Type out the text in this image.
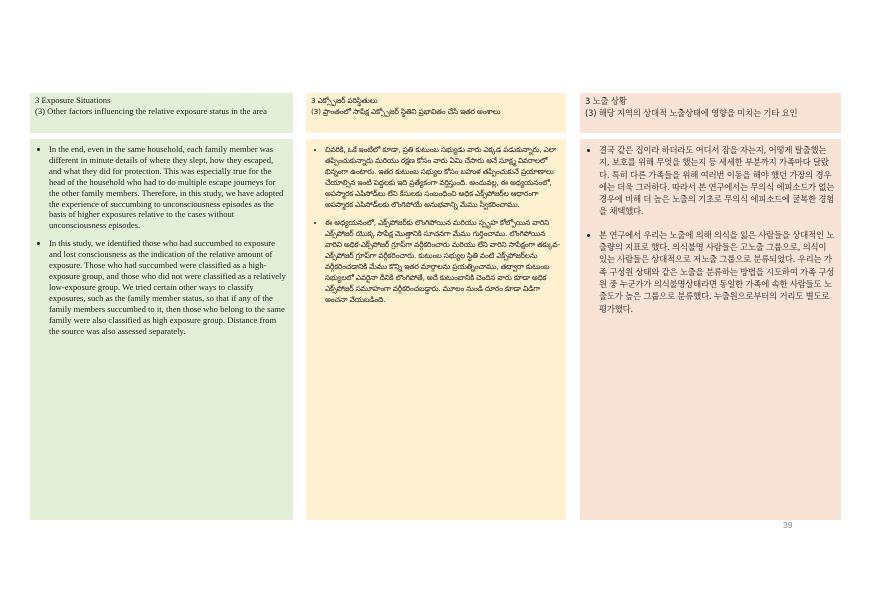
3 Exposure Situations
(3) Other factors influencing the relative exposure status in the area
• In the end, even in the same household, each family member was different in minute details of where they slept, how they escaped, and what they did for protection. This was especially true for the head of the household who had to do multiple escape journeys for the other family members. Therefore, in this study, we have adopted the experience of succumbing to unconsciousness episodes as the basis of higher exposures relative to the cases without unconsciousness episodes.
• In this study, we identified those who had succumbed to exposure and lost consciousness as the indication of the relative amount of exposure. Those who had succumbed were classified as a high-exposure group, and those who did not were classified as a relatively low-exposure group. We tried certain other ways to classify exposures, such as the family member status, so that if any of the family members succumbed to it, then those who belong to the same family were also classified as high exposure group. Distance from the source was also assessed separately.
3 ఎక్స్పోజర్ పరిస్థితులు
(3) ప్రాంతంలో సాపేక్ష ఎక్స్పోజర్ స్థితిని ప్రభావితం చేసే ఇతర అంశాలు
• చివరికి, ఒకే ఇంటిలో కూడా, ప్రతి కుటుంబ సభ్యుడు వారు ఎక్కడ పడుకున్నారు, ఎలా తప్పించుకున్నారు మరియు రక్షణ కోసం వారు ఏమి చేసారు అనే సూక్ష్మ వివరాలలో భిన్నంగా ఉంటారు. ఇతర కుటుంబ సభ్యుల కోసం బహుళ తప్పించుకునే ప్రయాణాలు చేయాల్సిన ఇంటి పెద్దలకు ఇది ప్రత్యేకంగా వర్తిస్తుంది. అందువల్ల, ఈ అధ్యయనంలో, అపస్మారక ఎపిసోడ్‌లు లేని కేసులకు సంబంధించి అధిక ఎక్స్‌పోజర్‌ల ఆధారంగా అపస్మారక ఎపిసోడ్‌లకు లొంగిపోయే అనుభవాన్ని మేము స్వీకరించాము.
• ఈ అధ్యయనంలో, ఎక్స్‌పోజర్‌కు లొంగిపోయిన మరియు స్పృహ కోల్పోయిన వారిని ఎక్స్‌పోజర్ యొక్క సాపేక్ష మొత్తానికి సూచనగా మేము గుర్తించాము. లొంగిపోయిన వారిని అధిక-ఎక్స్‌పోజర్ గ్రూప్‌గా వర్గీకరించారు మరియు లేని వారిని సాపేక్షంగా తక్కువ-ఎక్స్‌పోజర్ గ్రూప్‌గా వర్గీకరించారు. కుటుంబ సభ్యుల స్థితి వంటి ఎక్స్‌పోజర్‌లను వర్గీకరించడానికి మేము కొన్ని ఇతర మార్గాలను ప్రయత్నించాము, తద్వారా కుటుంబ సభ్యులలో ఎవరైనా దీనికి లొంగిపోతే, అదే కుటుంబానికి చెందిన వారు కూడా అధిక ఎక్స్‌పోజర్ సమూహంగా వర్గీకరించబడ్డారు. మూలం నుండి దూరం కూడా విడిగా అంచనా వేయబడింది.
3 노출 상황
(3) 해당 지역의 상대적 노출상태에 영향을 미치는 기타 요인
• 결국 같은 집이라 하더라도 어디서 잠을 자는지, 어떻게 탈출했는지, 보호를 위해 무엇을 했는지 등 세세한 부분까지 가족마다 달랐다. 특히 다른 가족들을 위해 여러번 이동을 해야 했던 가장의 경우에는 더욱 그러하다. 따라서 본 연구에서는 무의식 에피소드가 없는 경우에 비해 더 높은 노출의 기초로 무의식 에피소드에 굴복한 경험을 채택했다.
• 본 연구에서 우리는 노출에 의해 의식을 잃은 사람들을 상대적인 노출량의 지표로 했다. 의식불명 사람들은 고노출 그룹으로, 의식이 있는 사람들은 상대적으로 저노출 그룹으로 분류되었다. 우리는 가족 구성원 상태와 같은 노출을 분류하는 방법을 시도하여 가족 구성원 중 누군가가 의식불명상태라면 동일한 가족에 속한 사람들도 노출도가 높은 그룹으로 분류했다. 누출원으로부터의 거리도 별도로 평가했다.
39
